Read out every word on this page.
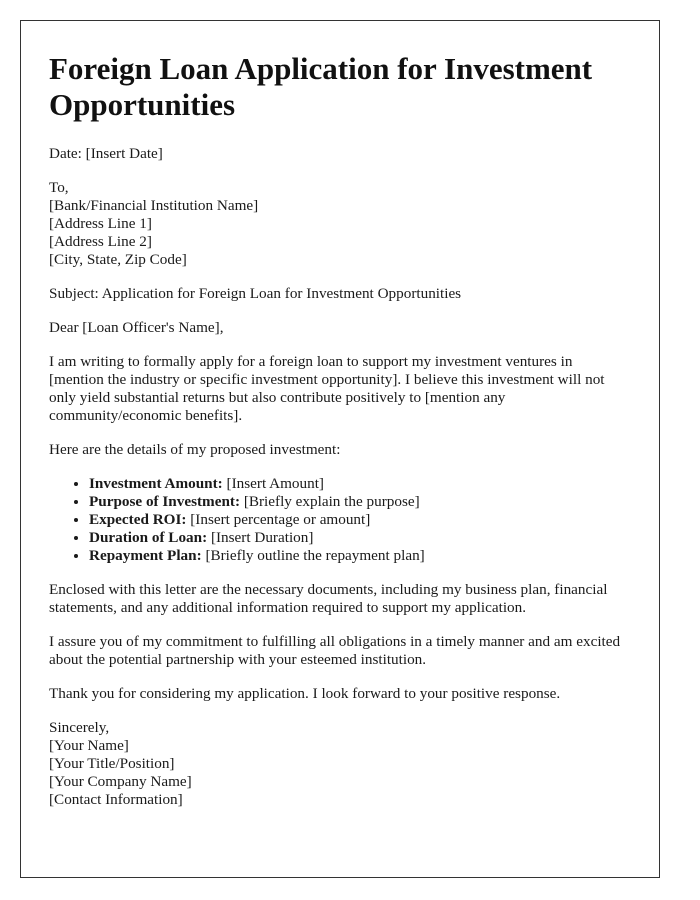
Foreign Loan Application for Investment Opportunities

Date: [Insert Date]

To,
[Bank/Financial Institution Name]
[Address Line 1]
[Address Line 2]
[City, State, Zip Code]

Subject: Application for Foreign Loan for Investment Opportunities

Dear [Loan Officer's Name],

I am writing to formally apply for a foreign loan to support my investment ventures in [mention the industry or specific investment opportunity]. I believe this investment will not only yield substantial returns but also contribute positively to [mention any community/economic benefits].

Here are the details of my proposed investment:

• Investment Amount: [Insert Amount]
• Purpose of Investment: [Briefly explain the purpose]
• Expected ROI: [Insert percentage or amount]
• Duration of Loan: [Insert Duration]
• Repayment Plan: [Briefly outline the repayment plan]

Enclosed with this letter are the necessary documents, including my business plan, financial statements, and any additional information required to support my application.

I assure you of my commitment to fulfilling all obligations in a timely manner and am excited about the potential partnership with your esteemed institution.

Thank you for considering my application. I look forward to your positive response.

Sincerely,
[Your Name]
[Your Title/Position]
[Your Company Name]
[Contact Information]
